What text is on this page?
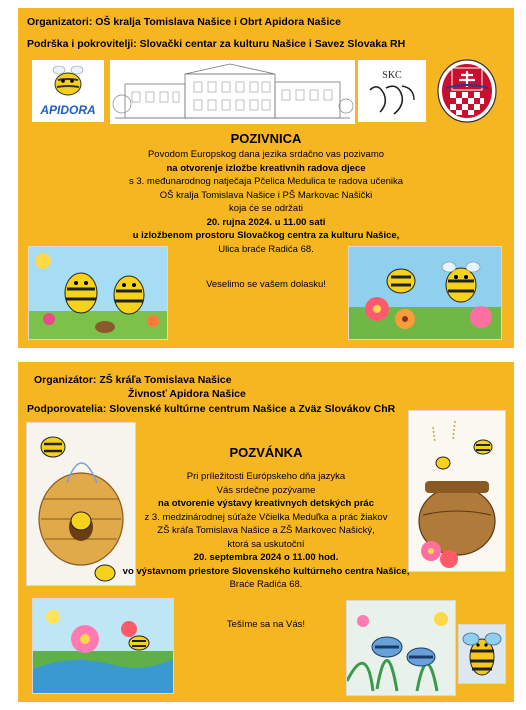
Organizatori: OŠ kralja Tomislava Našice i Obrt Apidora Našice
Podrška i pokrovitelji: Slovački centar za kulturu Našice i Savez Slovaka RH
APIDORA
SKC
POZIVNICA
Povodom Europskog dana jezika srdačno vas pozivamo
na otvorenje izložbe kreativnih radova djece
s 3. međunarodnog natječaja Pčelica Medulica te radova učenika
OŠ kralja Tomislava Našice i PŠ Markovac Našički
koja će se održati
20. rujna 2024. u 11.00 sati
u izložbenom prostoru Slovačkog centra za kulturu Našice,
Ulica braće Radića 68.
Veselimo se vašem dolasku!
Organizátor: ZŠ kráľa Tomislava Našice
Živnosť Apidora Našice
Podporovatelia: Slovenské kultúrne centrum Našice a Zväz Slovákov ChR
POZVÁNKA
Pri príležitosti Európskeho dňa jazyka
Vás srdečne pozývame
na otvorenie výstavy kreativnych detských prác
z 3. medzinárodnej súťaže Včielka Meduľka a prác žiakov
ZŠ kráľa Tomislava Našice a ZŠ Markovec Našický,
ktorá sa uskutoční
20. septembra 2024 o 11.00 hod.
vo výstavnom priestore Slovenského kultúrneho centra Našice,
Braće Radića 68.
Tešíme sa na Vás!
